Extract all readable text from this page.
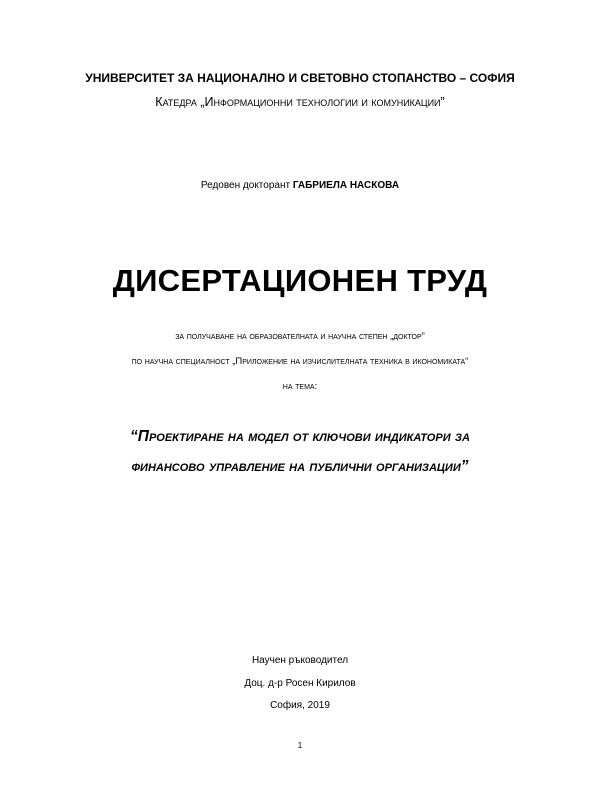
УНИВЕРСИТЕТ ЗА НАЦИОНАЛНО И СВЕТОВНО СТОПАНСТВО – СОФИЯ
Катедра „Информационни технологии и комуникации”
Редовен докторант ГАБРИЕЛА НАСКОВА
ДИСЕРТАЦИОНЕН ТРУД
за получаване на образователната и научна степен „доктор”
по научна специалност „Приложение на изчислителната техника в икономиката“
на тема:
“Проектиране на модел от ключови индикатори за
финансово управление на публични организации”
Научен ръководител
Доц. д-р Росен Кирилов
София, 2019
1
